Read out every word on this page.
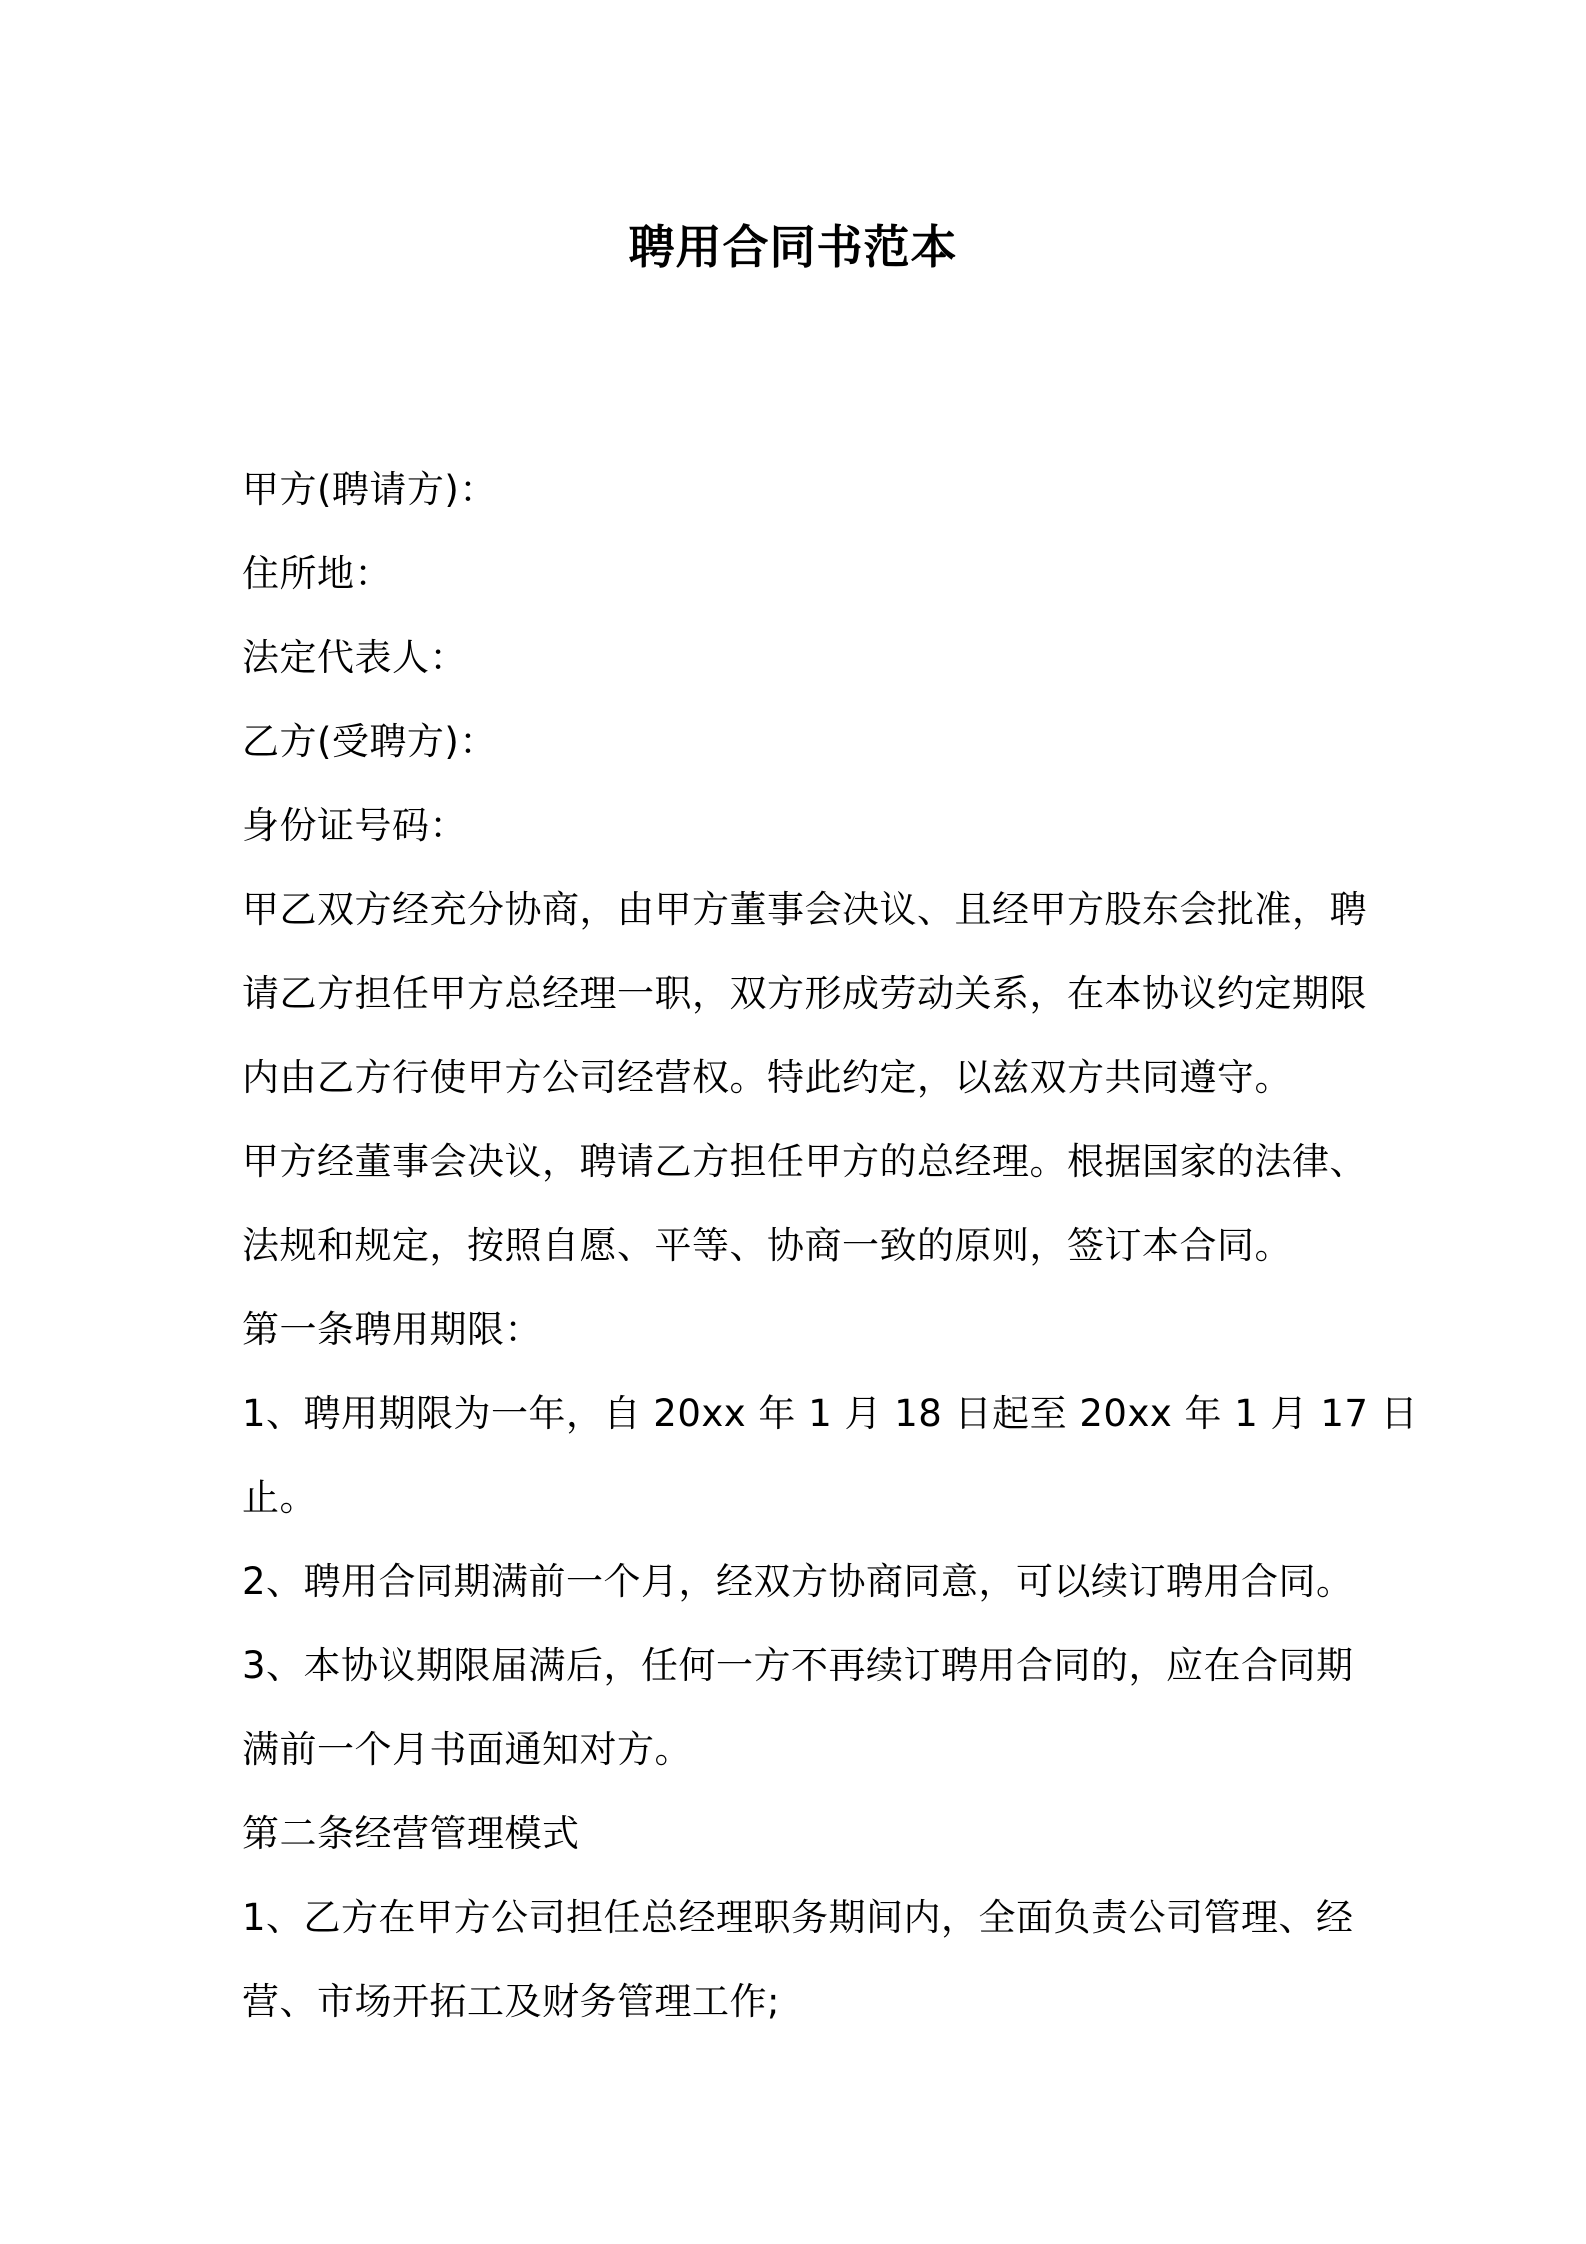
聘用合同书范本
甲方(聘请方)：
住所地：
法定代表人：
乙方(受聘方)：
身份证号码：
甲乙双方经充分协商，由甲方董事会决议、且经甲方股东会批准，聘
请乙方担任甲方总经理一职，双方形成劳动关系，在本协议约定期限
内由乙方行使甲方公司经营权。特此约定，以兹双方共同遵守。
甲方经董事会决议，聘请乙方担任甲方的总经理。根据国家的法律、
法规和规定，按照自愿、平等、协商一致的原则，签订本合同。
第一条聘用期限：
1、聘用期限为一年，自 20xx 年 1 月 18 日起至 20xx 年 1 月 17 日
止。
2、聘用合同期满前一个月，经双方协商同意，可以续订聘用合同。
3、本协议期限届满后，任何一方不再续订聘用合同的，应在合同期
满前一个月书面通知对方。
第二条经营管理模式
1、乙方在甲方公司担任总经理职务期间内，全面负责公司管理、经
营、市场开拓工及财务管理工作;
